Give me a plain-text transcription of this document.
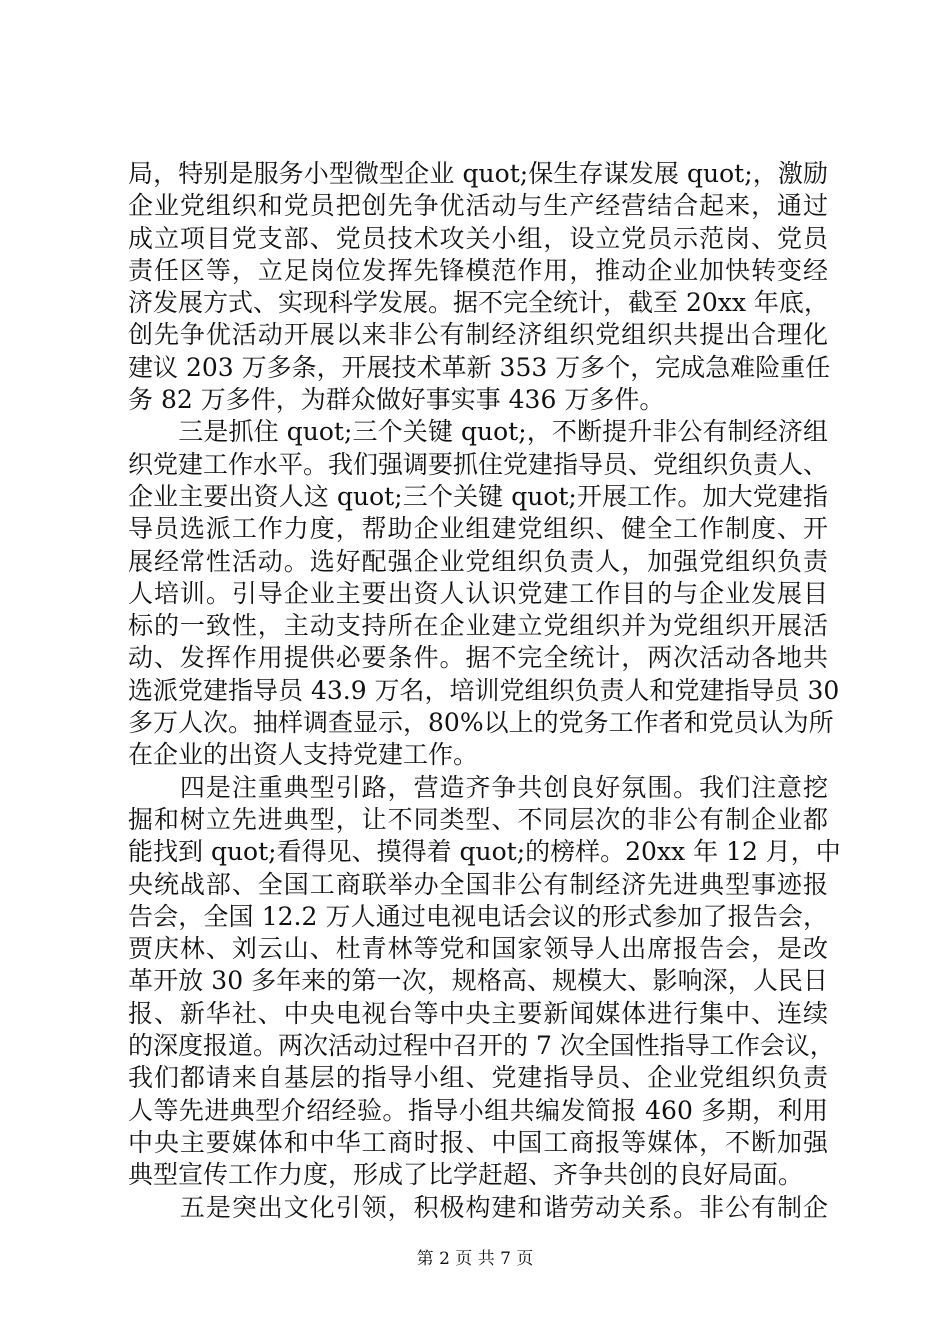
局，特别是服务小型微型企业 quot;保生存谋发展 quot;，激励
企业党组织和党员把创先争优活动与生产经营结合起来，通过
成立项目党支部、党员技术攻关小组，设立党员示范岗、党员
责任区等，立足岗位发挥先锋模范作用，推动企业加快转变经
济发展方式、实现科学发展。据不完全统计，截至 20xx 年底，
创先争优活动开展以来非公有制经济组织党组织共提出合理化
建议 203 万多条，开展技术革新 353 万多个，完成急难险重任
务 82 万多件，为群众做好事实事 436 万多件。
　　三是抓住 quot;三个关键 quot;，不断提升非公有制经济组
织党建工作水平。我们强调要抓住党建指导员、党组织负责人、
企业主要出资人这 quot;三个关键 quot;开展工作。加大党建指
导员选派工作力度，帮助企业组建党组织、健全工作制度、开
展经常性活动。选好配强企业党组织负责人，加强党组织负责
人培训。引导企业主要出资人认识党建工作目的与企业发展目
标的一致性，主动支持所在企业建立党组织并为党组织开展活
动、发挥作用提供必要条件。据不完全统计，两次活动各地共
选派党建指导员 43.9 万名，培训党组织负责人和党建指导员 30
多万人次。抽样调查显示，80%以上的党务工作者和党员认为所
在企业的出资人支持党建工作。
　　四是注重典型引路，营造齐争共创良好氛围。我们注意挖
掘和树立先进典型，让不同类型、不同层次的非公有制企业都
能找到 quot;看得见、摸得着 quot;的榜样。20xx 年 12 月，中
央统战部、全国工商联举办全国非公有制经济先进典型事迹报
告会，全国 12.2 万人通过电视电话会议的形式参加了报告会，
贾庆林、刘云山、杜青林等党和国家领导人出席报告会，是改
革开放 30 多年来的第一次，规格高、规模大、影响深，人民日
报、新华社、中央电视台等中央主要新闻媒体进行集中、连续
的深度报道。两次活动过程中召开的 7 次全国性指导工作会议，
我们都请来自基层的指导小组、党建指导员、企业党组织负责
人等先进典型介绍经验。指导小组共编发简报 460 多期，利用
中央主要媒体和中华工商时报、中国工商报等媒体，不断加强
典型宣传工作力度，形成了比学赶超、齐争共创的良好局面。
　　五是突出文化引领，积极构建和谐劳动关系。非公有制企
第 2 页 共 7 页
